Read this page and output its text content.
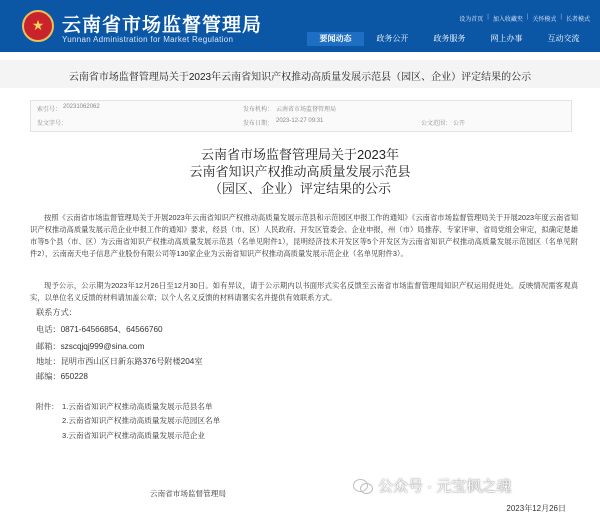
★
云南省市场监督管理局
Yunnan Administration for Market Regulation
设为首页 | 加入收藏夹 | 关怀模式 | 长者模式
要闻动态	政务公开	政务服务	网上办事	互动交流
云南省市场监督管理局关于2023年云南省知识产权推动高质量发展示范县（园区、企业）评定结果的公示
索引号： 20231062062	发布机构： 云南省市场监督管理局
发文字号：	发布日期： 2023-12-27 09:31	公文范围： 公开
云南省市场监督管理局关于2023年
云南省知识产权推动高质量发展示范县
（园区、企业）评定结果的公示
按照《云南省市场监督管理局关于开展2023年云南省知识产权推动高质量发展示范县和示范园区申报工作的通知》《云南省市场监督管理局关于开展2023年度云南省知识产权推动高质量发展示范企业申报工作的通知》要求，经县（市、区）人民政府、开发区管委会、企业申报，州（市）局推荐、专家评审、省局党组会审定，拟确定楚雄市等5个县（市、区）为云南省知识产权推动高质量发展示范县（名单见附件1），昆明经济技术开发区等5个开发区为云南省知识产权推动高质量发展示范园区（名单见附件2），云南南天电子信息产业股份有限公司等130家企业为云南省知识产权推动高质量发展示范企业（名单见附件3）。
现予公示，公示期为2023年12月26日至12月30日。如有异议，请于公示期内以书面形式实名反馈至云南省市场监督管理局知识产权运用促进处。反映情况需客观真实，以单位名义反馈的材料请加盖公章；以个人名义反馈的材料请署实名并提供有效联系方式。
联系方式：
电话：0871-64566854、64566760
邮箱：szscqjqj999@sina.com
地址：昆明市西山区日新东路376号附楼204室
邮编：650228
附件： 1.云南省知识产权推动高质量发展示范县名单
2.云南省知识产权推动高质量发展示范园区名单
3.云南省知识产权推动高质量发展示范企业
公众号 · 元宝枫之魂
云南省市场监督管理局
2023年12月26日
